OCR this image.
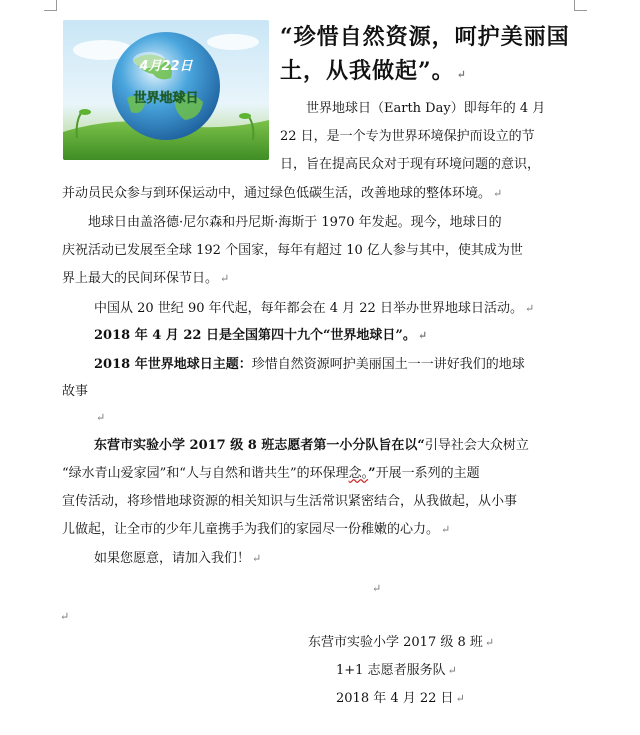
4月22日
世界地球日
“珍惜自然资源，呵护美丽国
土，从我做起”。 ↵
世界地球日（Earth Day）即每年的 4 月
22 日，是一个专为世界环境保护而设立的节
日，旨在提高民众对于现有环境问题的意识，
并动员民众参与到环保运动中，通过绿色低碳生活，改善地球的整体环境。 ↵
地球日由盖洛德·尼尔森和丹尼斯·海斯于 1970 年发起。现今，地球日的
庆祝活动已发展至全球 192 个国家，每年有超过 10 亿人参与其中，使其成为世
界上最大的民间环保节日。 ↵
中国从 20 世纪 90 年代起，每年都会在 4 月 22 日举办世界地球日活动。 ↵
2018 年 4 月 22 日是全国第四十九个“世界地球日”。 ↵
2018 年世界地球日主题：珍惜自然资源呵护美丽国土一一讲好我们的地球
故事
↵
东营市实验小学 2017 级 8 班志愿者第一小分队旨在以“引导社会大众树立
“绿水青山爱家园”和“人与自然和谐共生”的环保理念。”开展一系列的主题
宣传活动，将珍惜地球资源的相关知识与生活常识紧密结合，从我做起，从小事
儿做起，让全市的少年儿童携手为我们的家园尽一份稚嫩的心力。 ↵
如果您愿意，请加入我们！ ↵
↵
↵
东营市实验小学 2017 级 8 班 ↵
1+1 志愿者服务队 ↵
2018 年 4 月 22 日 ↵
